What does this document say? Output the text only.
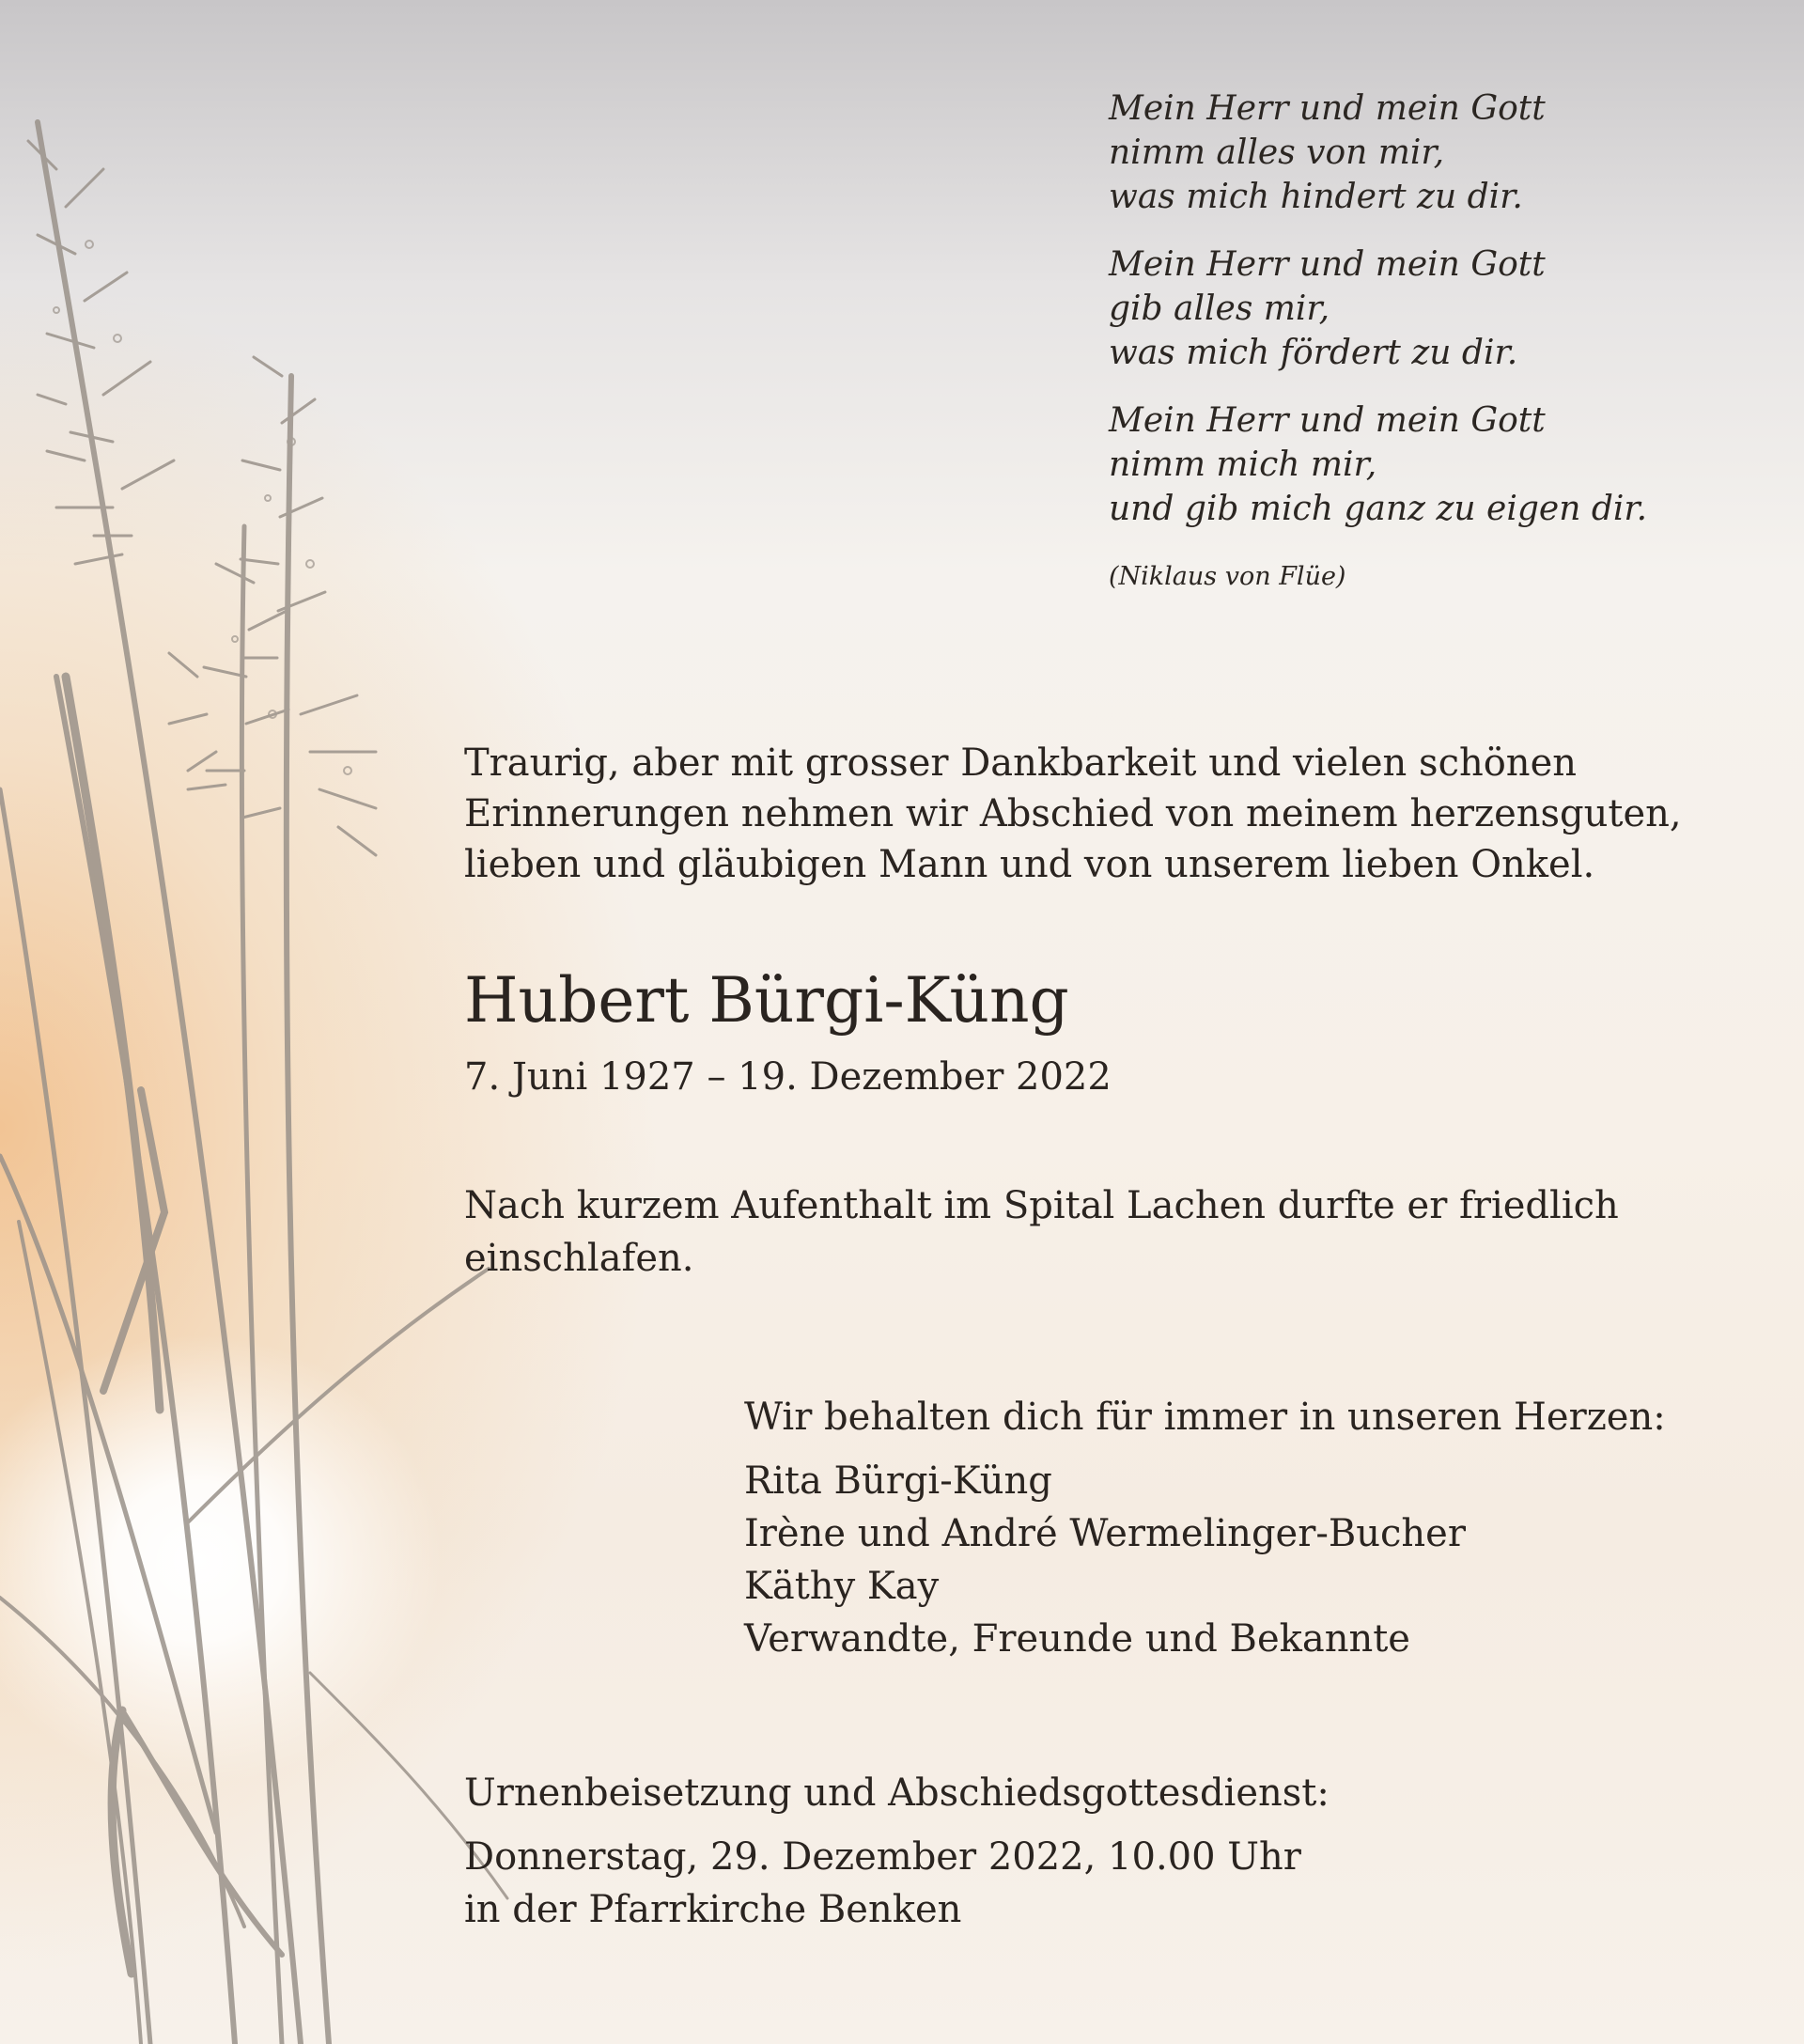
Mein Herr und mein Gott
nimm alles von mir,
was mich hindert zu dir.
Mein Herr und mein Gott
gib alles mir,
was mich fördert zu dir.
Mein Herr und mein Gott
nimm mich mir,
und gib mich ganz zu eigen dir.
(Niklaus von Flüe)
Traurig, aber mit grosser Dankbarkeit und vielen schönen
Erinnerungen nehmen wir Abschied von meinem herzensguten,
lieben und gläubigen Mann und von unserem lieben Onkel.
Hubert Bürgi-Küng
7. Juni 1927 – 19. Dezember 2022
Nach kurzem Aufenthalt im Spital Lachen durfte er friedlich
einschlafen.
Wir behalten dich für immer in unseren Herzen:
Rita Bürgi-Küng
Irène und André Wermelinger-Bucher
Käthy Kay
Verwandte, Freunde und Bekannte
Urnenbeisetzung und Abschiedsgottesdienst:
Donnerstag, 29. Dezember 2022, 10.00 Uhr
in der Pfarrkirche Benken
